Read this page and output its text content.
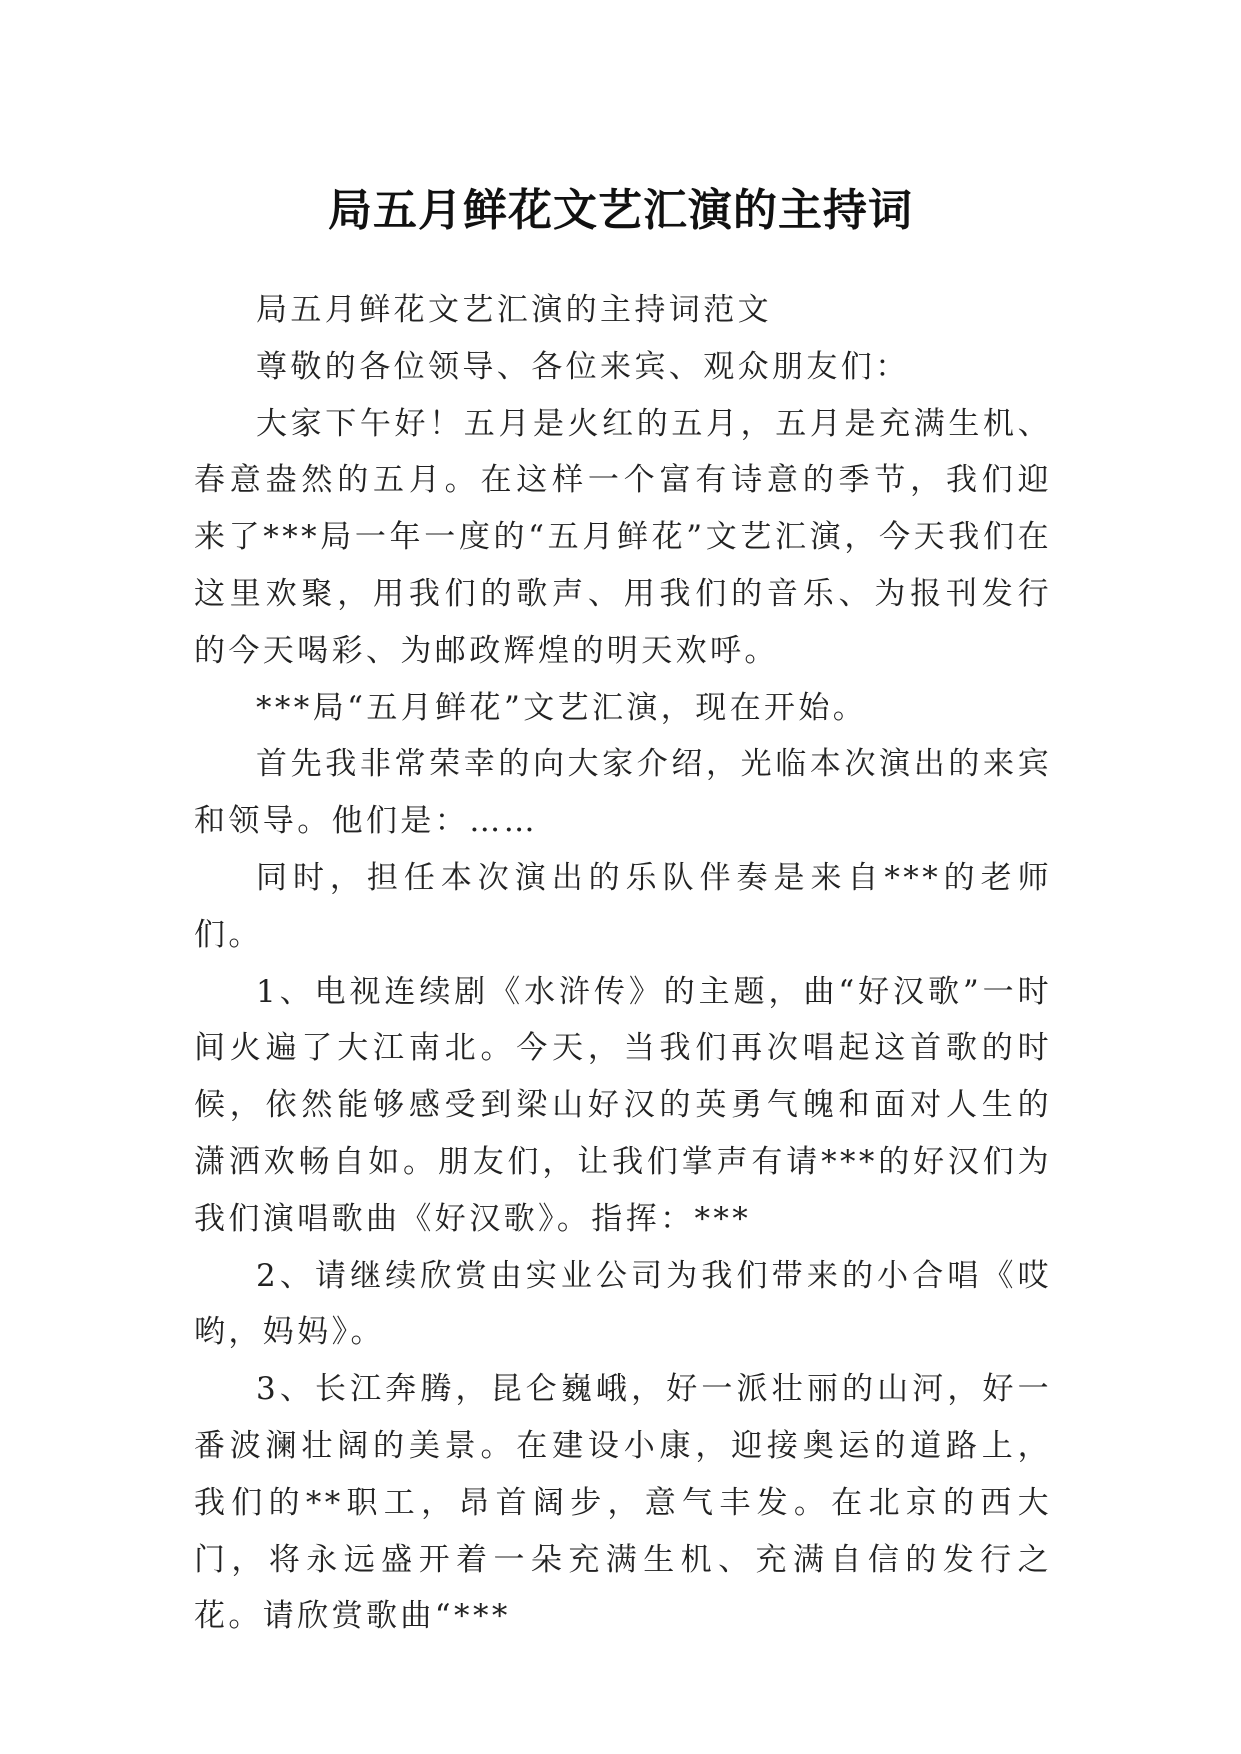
局五月鲜花文艺汇演的主持词

局五月鲜花文艺汇演的主持词范文

尊敬的各位领导、各位来宾、观众朋友们：

大家下午好！五月是火红的五月，五月是充满生机、春意盎然的五月。在这样一个富有诗意的季节，我们迎来了***局一年一度的“五月鲜花”文艺汇演，今天我们在这里欢聚，用我们的歌声、用我们的音乐、为报刊发行的今天喝彩、为邮政辉煌的明天欢呼。

***局“五月鲜花”文艺汇演，现在开始。

首先我非常荣幸的向大家介绍，光临本次演出的来宾和领导。他们是：……

同时，担任本次演出的乐队伴奏是来自***的老师们。

1、电视连续剧《水浒传》的主题，曲“好汉歌”一时间火遍了大江南北。今天，当我们再次唱起这首歌的时候，依然能够感受到梁山好汉的英勇气魄和面对人生的潇洒欢畅自如。朋友们，让我们掌声有请***的好汉们为我们演唱歌曲《好汉歌》。指挥：***

2、请继续欣赏由实业公司为我们带来的小合唱《哎哟，妈妈》。

3、长江奔腾，昆仑巍峨，好一派壮丽的山河，好一番波澜壮阔的美景。在建设小康，迎接奥运的道路上，我们的**职工，昂首阔步，意气丰发。在北京的西大门，将永远盛开着一朵充满生机、充满自信的发行之花。请欣赏歌曲“***
